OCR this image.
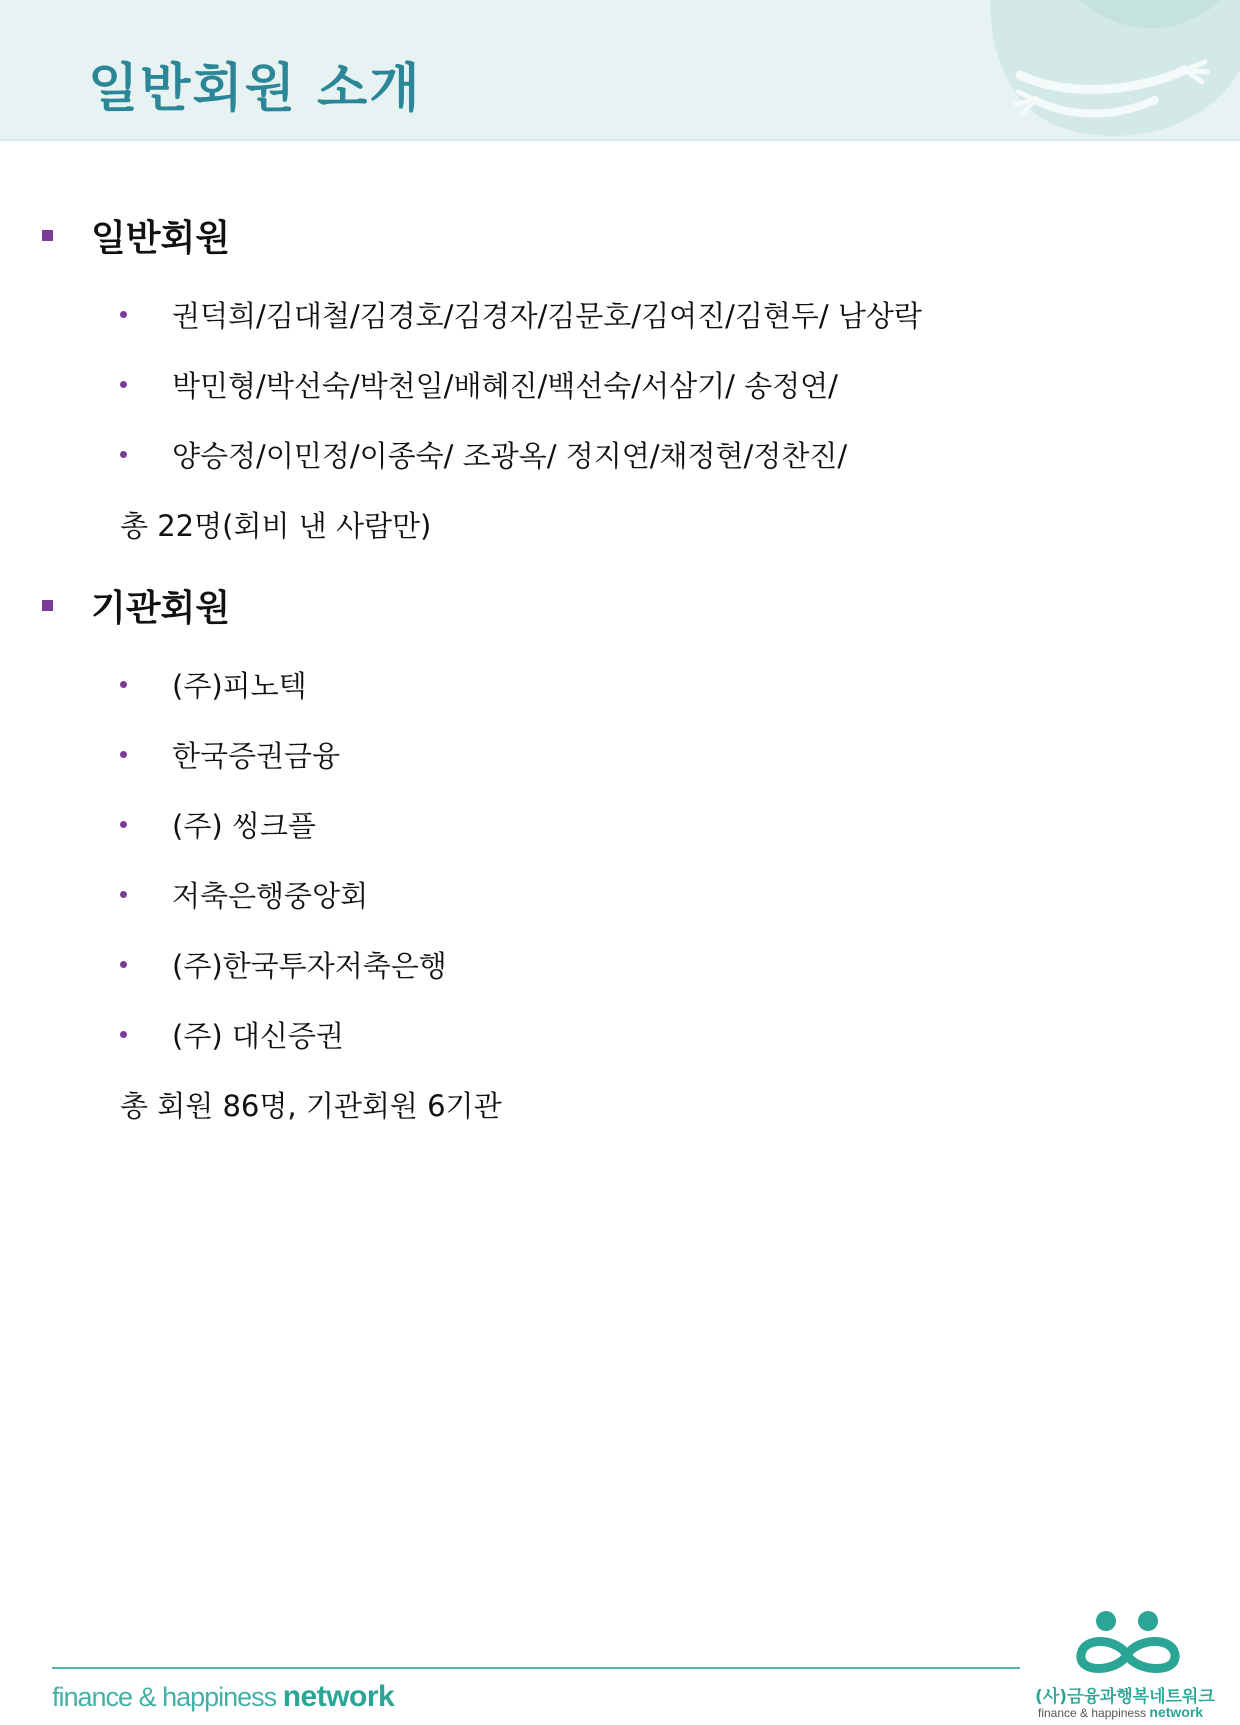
일반회원 소개
일반회원
권덕희/김대철/김경호/김경자/김문호/김여진/김현두/ 남상락
박민형/박선숙/박천일/배혜진/백선숙/서삼기/ 송정연/
양승정/이민정/이종숙/ 조광옥/ 정지연/채정현/정찬진/
총 22명(회비 낸 사람만)
기관회원
(주)피노텍
한국증권금융
(주) 씽크플
저축은행중앙회
(주)한국투자저축은행
(주) 대신증권
총 회원 86명, 기관회원 6기관
finance & happiness network	(사)금융과행복네트워크
finance & happiness network
